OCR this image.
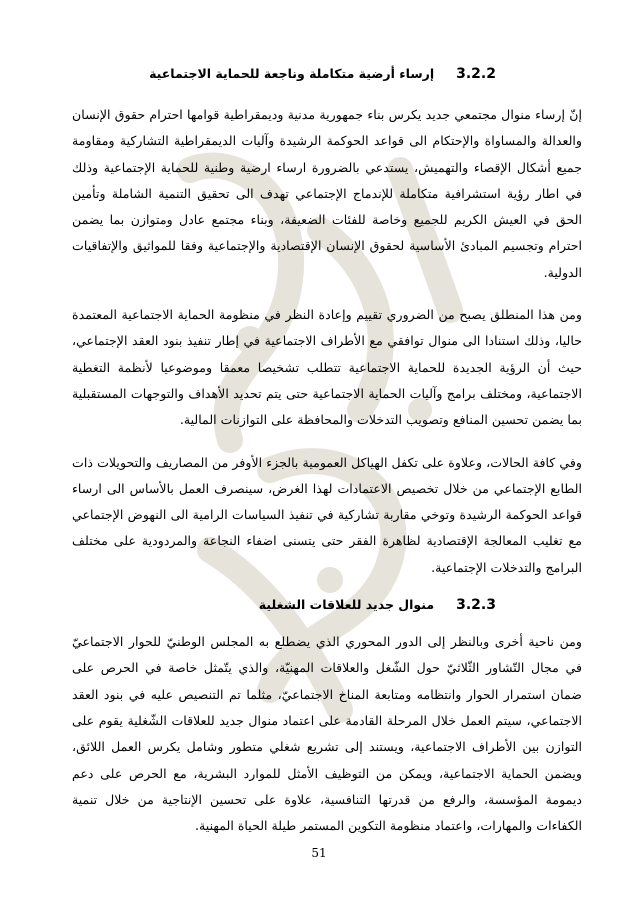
3.2.2
إرساء أرضية متكاملة وناجعة للحماية الاجتماعية

إنّ إرساء منوال مجتمعي جديد يكرس بناء جمهورية مدنية وديمقراطية قوامها احترام حقوق الإنسان والعدالة والمساواة والإحتكام الى قواعد الحوكمة الرشيدة وآليات الديمقراطية التشاركية ومقاومة جميع أشكال الإقصاء والتهميش، يستدعي بالضرورة ارساء ارضية وطنية للحماية الإجتماعية وذلك في اطار رؤية استشرافية متكاملة للإندماج الإجتماعي تهدف الى تحقيق التنمية الشاملة وتأمين الحق في العيش الكريم للجميع وخاصة للفئات الضعيفة، وبناء مجتمع عادل ومتوازن بما يضمن احترام وتجسيم المبادئ الأساسية لحقوق الإنسان الإقتصادية والإجتماعية وفقا للمواثيق والإتفاقيات الدولية.

ومن هذا المنطلق يصبح من الضروري تقييم وإعادة النظر في منظومة الحماية الاجتماعية المعتمدة حاليا، وذلك استنادا الى منوال توافقي مع الأطراف الاجتماعية في إطار تنفيذ بنود العقد الإجتماعي، حيث أن الرؤية الجديدة للحماية الاجتماعية تتطلب تشخيصا معمقا وموضوعيا لأنظمة التغطية الاجتماعية، ومختلف برامج وآليات الحماية الاجتماعية حتى يتم تحديد الأهداف والتوجهات المستقبلية بما يضمن تحسين المنافع وتصويب التدخلات والمحافظة على التوازنات المالية.

وفي كافة الحالات، وعلاوة على تكفل الهياكل العمومية بالجزء الأوفر من المصاريف والتحويلات ذات الطابع الإجتماعي من خلال تخصيص الاعتمادات لهذا الغرض، سينصرف العمل بالأساس الى ارساء قواعد الحوكمة الرشيدة وتوخي مقاربة تشاركية في تنفيذ السياسات الرامية الى النهوض الإجتماعي مع تغليب المعالجة الإقتصادية لظاهرة الفقر حتى يتسنى اضفاء النجاعة والمردودية على مختلف البرامج والتدخلات الإجتماعية.

3.2.3
منوال جديد للعلاقات الشغلية

ومن ناحية أخرى وبالنظر إلى الدور المحوري الذي يضطلع به المجلس الوطنيّ للحوار الاجتماعيّ في مجال التّشاور الثّلاثيّ حول الشّغل والعلاقات المهنيّة، والذي يتّمثل خاصة في الحرص على ضمان استمرار الحوار وانتظامه ومتابعة المناخ الاجتماعيّ، مثلما تم التنصيص عليه في بنود العقد الاجتماعي، سيتم العمل خلال المرحلة القادمة على اعتماد منوال جديد للعلاقات الشّغلية يقوم على التوازن بين الأطراف الاجتماعية، ويستند إلى تشريع شغلي متطور وشامل يكرس العمل اللائق، ويضمن الحماية الاجتماعية، ويمكن من التوظيف الأمثل للموارد البشرية، مع الحرص على دعم ديمومة المؤسسة، والرفع من قدرتها التنافسية، علاوة على تحسين الإنتاجية من خلال تنمية الكفاءات والمهارات، واعتماد منظومة التكوين المستمر طيلة الحياة المهنية.

51
